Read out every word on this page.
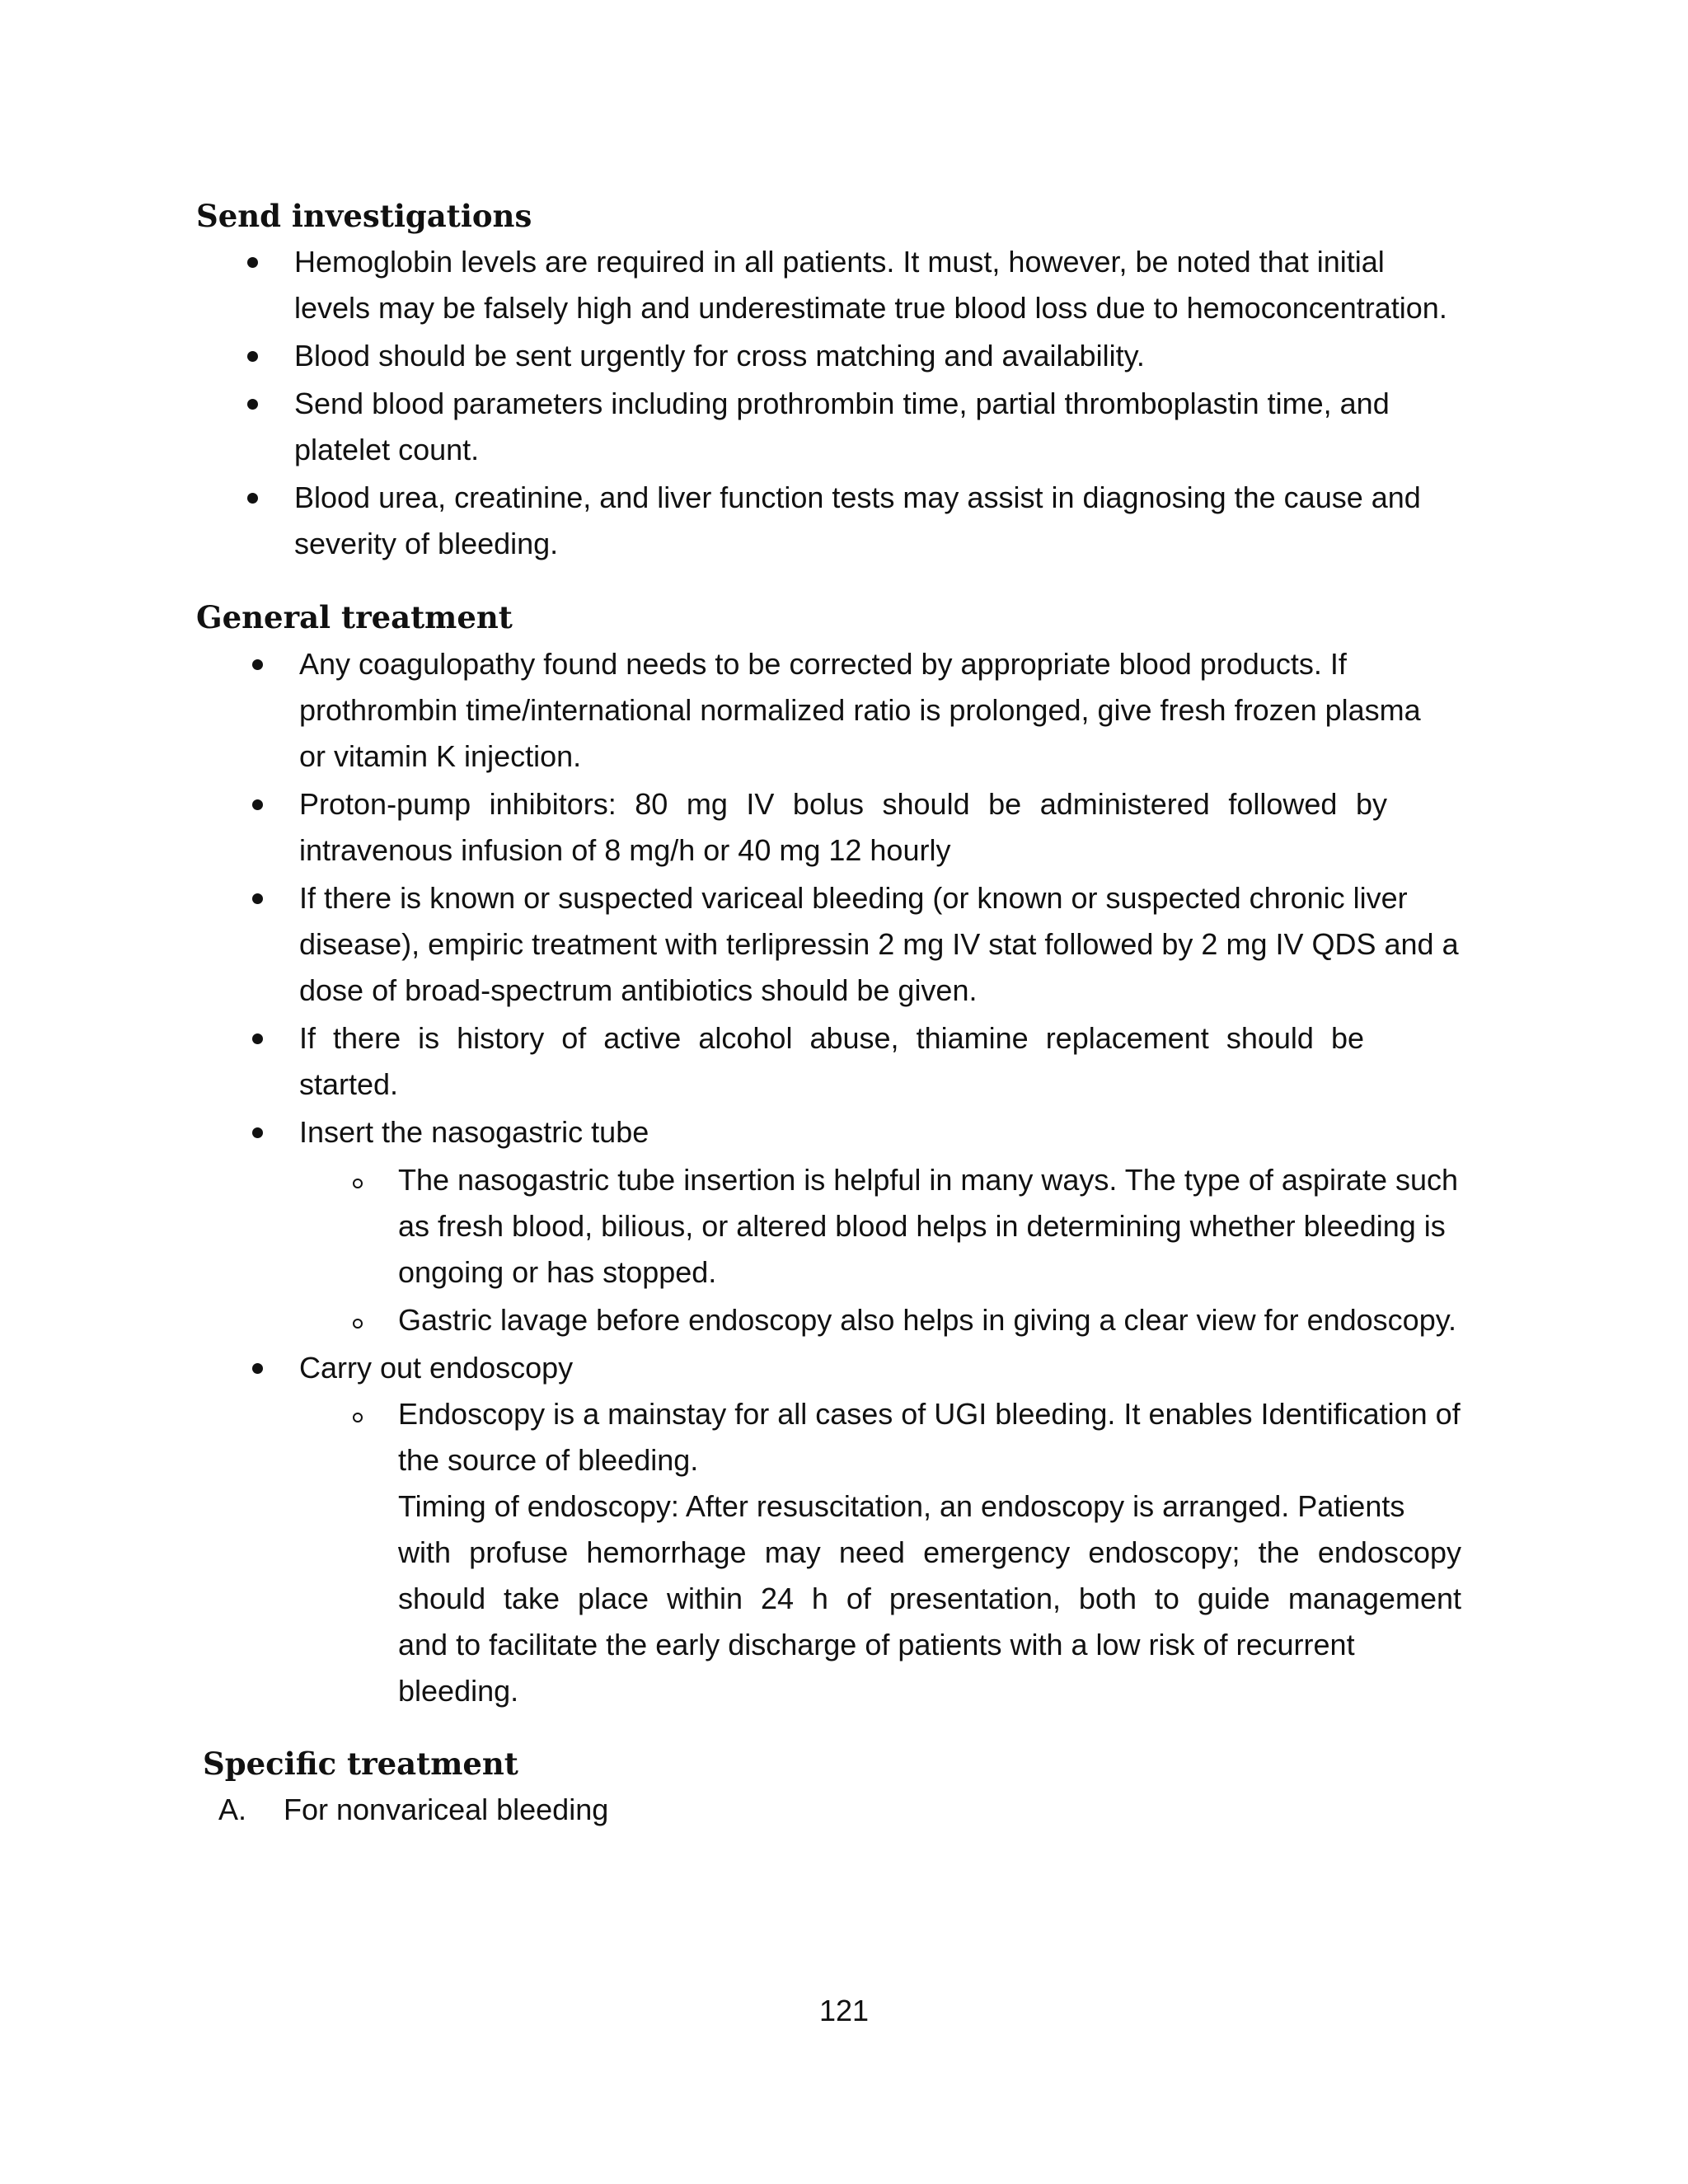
Send investigations
Hemoglobin levels are required in all patients. It must, however, be noted that initial
levels may be falsely high and underestimate true blood loss due to hemoconcentration.
Blood should be sent urgently for cross matching and availability.
Send blood parameters including prothrombin time, partial thromboplastin time, and
platelet count.
Blood urea, creatinine, and liver function tests may assist in diagnosing the cause and
severity of bleeding.
General treatment
Any coagulopathy found needs to be corrected by appropriate blood products. If
prothrombin time/international normalized ratio is prolonged, give fresh frozen plasma
or vitamin K injection.
Proton-pump inhibitors: 80 mg IV bolus should be administered followed by
intravenous infusion of 8 mg/h or 40 mg 12 hourly
If there is known or suspected variceal bleeding (or known or suspected chronic liver
disease), empiric treatment with terlipressin 2 mg IV stat followed by 2 mg IV QDS and a
dose of broad-spectrum antibiotics should be given.
If there is history of active alcohol abuse, thiamine replacement should be
started.
Insert the nasogastric tube
The nasogastric tube insertion is helpful in many ways. The type of aspirate such
as fresh blood, bilious, or altered blood helps in determining whether bleeding is
ongoing or has stopped.
Gastric lavage before endoscopy also helps in giving a clear view for endoscopy.
Carry out endoscopy
Endoscopy is a mainstay for all cases of UGI bleeding. It enables Identification of
the source of bleeding.
Timing of endoscopy: After resuscitation, an endoscopy is arranged. Patients
with profuse hemorrhage may need emergency endoscopy; the endoscopy
should take place within 24 h of presentation, both to guide management
and to facilitate the early discharge of patients with a low risk of recurrent
bleeding.
Specific treatment
A. For nonvariceal bleeding
121
